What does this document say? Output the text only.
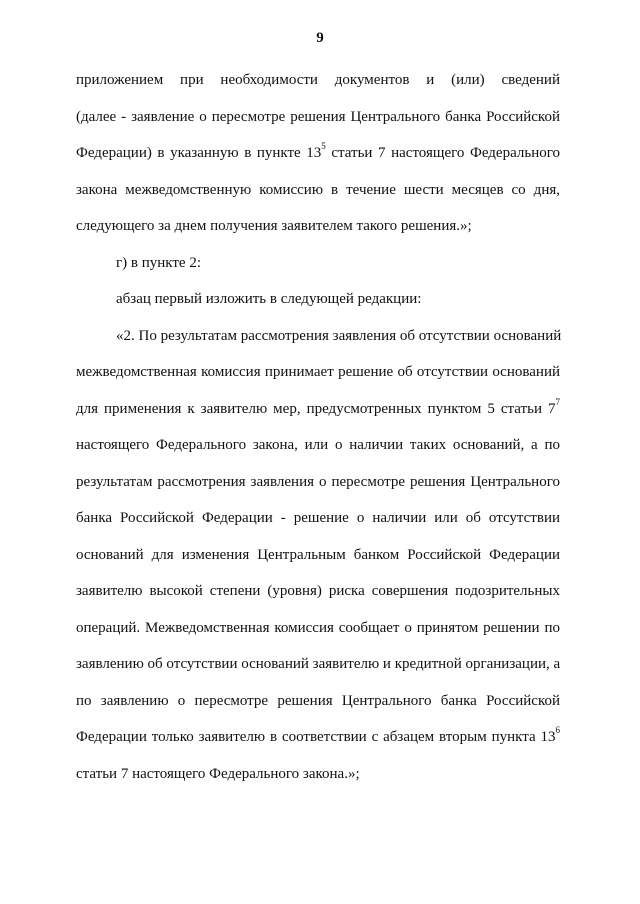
9
приложением при необходимости документов и (или) сведений
(далее - заявление о пересмотре решения Центрального банка Российской
Федерации) в указанную в пункте $13^5$ статьи 7 настоящего Федерального
закона межведомственную комиссию в течение шести месяцев со дня,
следующего за днем получения заявителем такого решения.»;
г) в пункте 2:
абзац первый изложить в следующей редакции:
«2. По результатам рассмотрения заявления об отсутствии оснований
межведомственная комиссия принимает решение об отсутствии оснований
для применения к заявителю мер, предусмотренных пунктом 5 статьи $7^7$
настоящего Федерального закона, или о наличии таких оснований, а по
результатам рассмотрения заявления о пересмотре решения Центрального
банка Российской Федерации - решение о наличии или об отсутствии
оснований для изменения Центральным банком Российской Федерации
заявителю высокой степени (уровня) риска совершения подозрительных
операций. Межведомственная комиссия сообщает о принятом решении по
заявлению об отсутствии оснований заявителю и кредитной организации, а
по заявлению о пересмотре решения Центрального банка Российской
Федерации только заявителю в соответствии с абзацем вторым пункта $13^6$
статьи 7 настоящего Федерального закона.»;
